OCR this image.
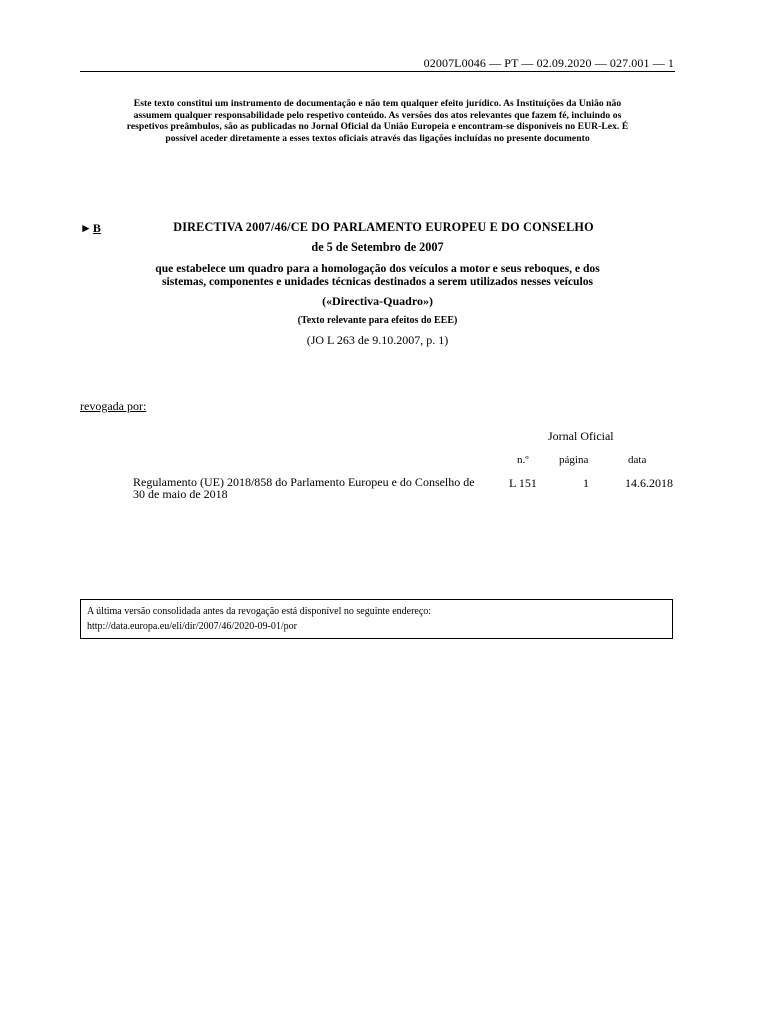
02007L0046 — PT — 02.09.2020 — 027.001 — 1
Este texto constitui um instrumento de documentação e não tem qualquer efeito jurídico. As Instituições da União não
assumem qualquer responsabilidade pelo respetivo conteúdo. As versões dos atos relevantes que fazem fé, incluindo os
respetivos preâmbulos, são as publicadas no Jornal Oficial da União Europeia e encontram-se disponíveis no EUR-Lex. É
possível aceder diretamente a esses textos oficiais através das ligações incluídas no presente documento
►B	DIRECTIVA 2007/46/CE DO PARLAMENTO EUROPEU E DO CONSELHO
de 5 de Setembro de 2007
que estabelece um quadro para a homologação dos veículos a motor e seus reboques, e dos
sistemas, componentes e unidades técnicas destinados a serem utilizados nesses veículos
(«Directiva-Quadro»)
(Texto relevante para efeitos do EEE)
(JO L 263 de 9.10.2007, p. 1)
revogada por:
Jornal Oficial
n.º	página	data
Regulamento (UE) 2018/858 do Parlamento Europeu e do Conselho de
30 de maio de 2018
L 151	1	14.6.2018
A última versão consolidada antes da revogação está disponível no seguinte endereço:
http://data.europa.eu/eli/dir/2007/46/2020-09-01/por
